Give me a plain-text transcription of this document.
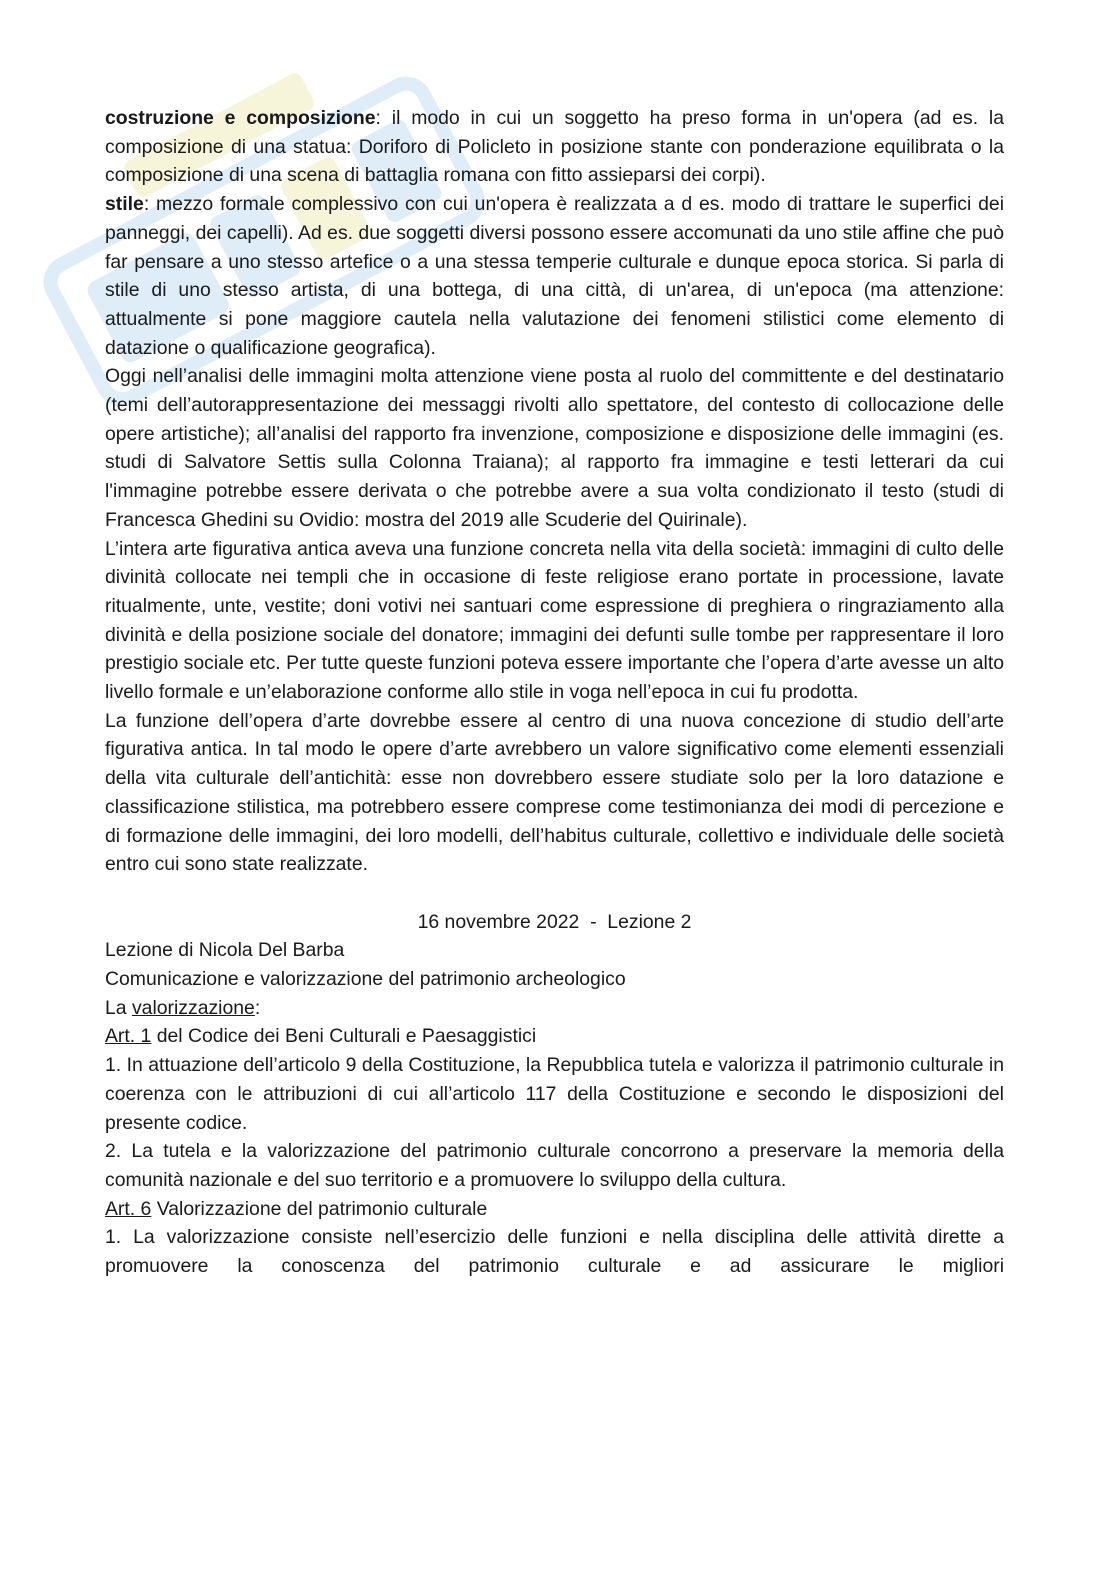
costruzione e composizione: il modo in cui un soggetto ha preso forma in un'opera (ad es. la composizione di una statua: Doriforo di Policleto in posizione stante con ponderazione equilibrata o la composizione di una scena di battaglia romana con fitto assieparsi dei corpi).

stile: mezzo formale complessivo con cui un'opera è realizzata a d es. modo di trattare le superfici dei panneggi, dei capelli). Ad es. due soggetti diversi possono essere accomunati da uno stile affine che può far pensare a uno stesso artefice o a una stessa temperie culturale e dunque epoca storica. Si parla di stile di uno stesso artista, di una bottega, di una città, di un'area, di un'epoca (ma attenzione: attualmente si pone maggiore cautela nella valutazione dei fenomeni stilistici come elemento di datazione o qualificazione geografica).

Oggi nell’analisi delle immagini molta attenzione viene posta al ruolo del committente e del destinatario (temi dell’autorappresentazione dei messaggi rivolti allo spettatore, del contesto di collocazione delle opere artistiche); all’analisi del rapporto fra invenzione, composizione e disposizione delle immagini (es. studi di Salvatore Settis sulla Colonna Traiana); al rapporto fra immagine e testi letterari da cui l'immagine potrebbe essere derivata o che potrebbe avere a sua volta condizionato il testo (studi di Francesca Ghedini su Ovidio: mostra del 2019 alle Scuderie del Quirinale).

L’intera arte figurativa antica aveva una funzione concreta nella vita della società: immagini di culto delle divinità collocate nei templi che in occasione di feste religiose erano portate in processione, lavate ritualmente, unte, vestite; doni votivi nei santuari come espressione di preghiera o ringraziamento alla divinità e della posizione sociale del donatore; immagini dei defunti sulle tombe per rappresentare il loro prestigio sociale etc. Per tutte queste funzioni poteva essere importante che l’opera d’arte avesse un alto livello formale e un’elaborazione conforme allo stile in voga nell’epoca in cui fu prodotta.

La funzione dell’opera d’arte dovrebbe essere al centro di una nuova concezione di studio dell’arte figurativa antica. In tal modo le opere d’arte avrebbero un valore significativo come elementi essenziali della vita culturale dell’antichità: esse non dovrebbero essere studiate solo per la loro datazione e classificazione stilistica, ma potrebbero essere comprese come testimonianza dei modi di percezione e di formazione delle immagini, dei loro modelli, dell’habitus culturale, collettivo e individuale delle società entro cui sono state realizzate.

16 novembre 2022  -  Lezione 2

Lezione di Nicola Del Barba

Comunicazione e valorizzazione del patrimonio archeologico

La valorizzazione:

Art. 1 del Codice dei Beni Culturali e Paesaggistici

1. In attuazione dell’articolo 9 della Costituzione, la Repubblica tutela e valorizza il patrimonio culturale in coerenza con le attribuzioni di cui all’articolo 117 della Costituzione e secondo le disposizioni del presente codice.

2. La tutela e la valorizzazione del patrimonio culturale concorrono a preservare la memoria della comunità nazionale e del suo territorio e a promuovere lo sviluppo della cultura.

Art. 6 Valorizzazione del patrimonio culturale

1. La valorizzazione consiste nell’esercizio delle funzioni e nella disciplina delle attività dirette a promuovere la conoscenza del patrimonio culturale e ad assicurare le migliori
